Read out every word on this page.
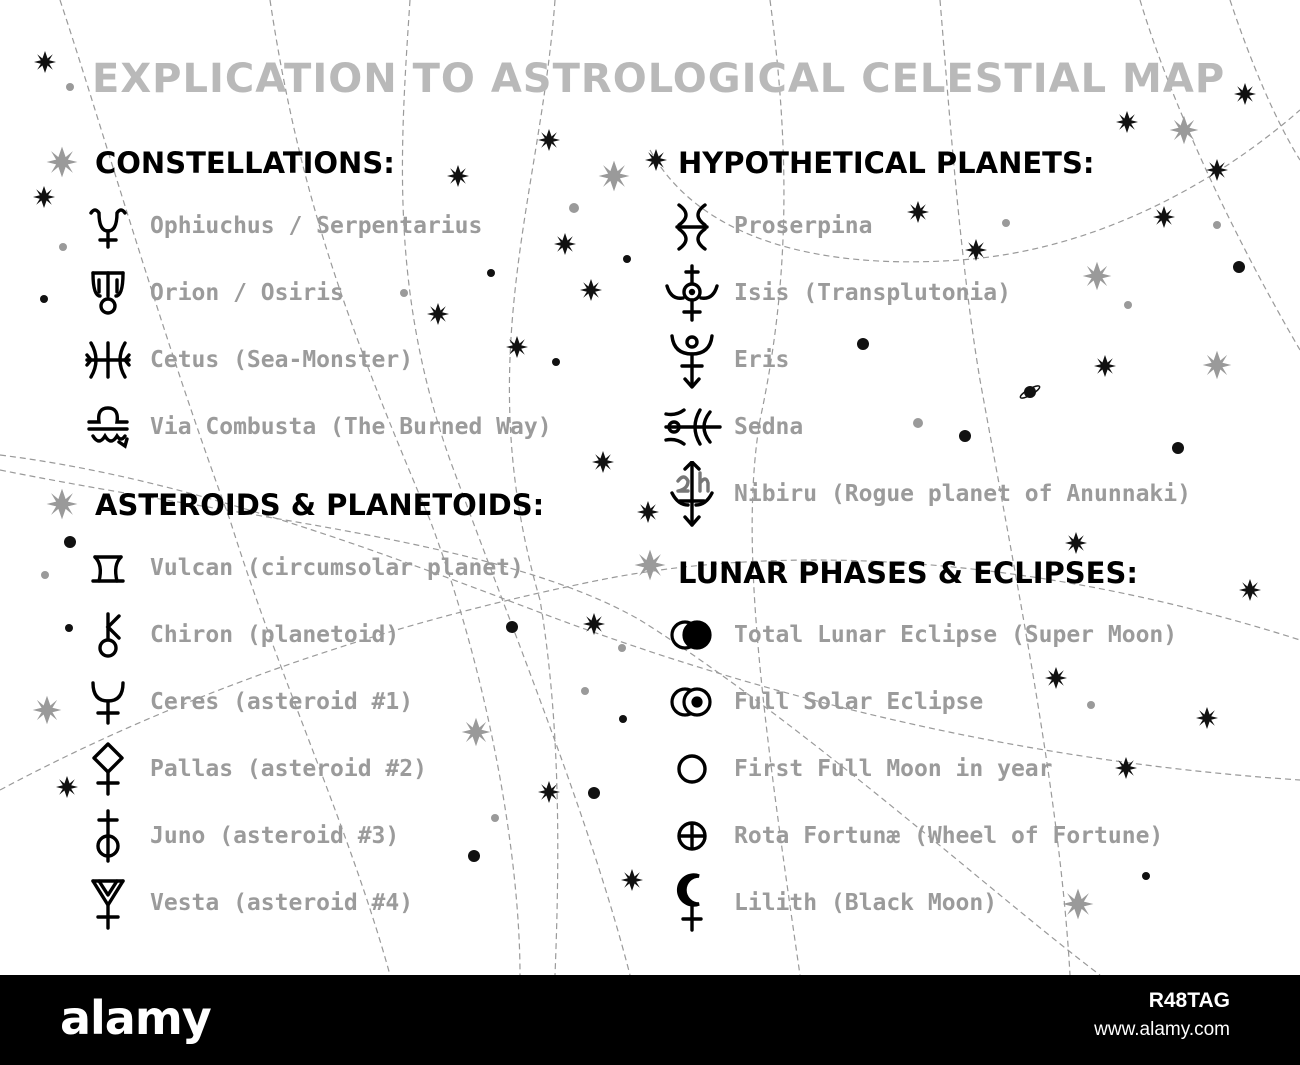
EXPLICATION TO ASTROLOGICAL CELESTIAL MAP
CONSTELLATIONS:
Ophiuchus / Serpentarius
Orion / Osiris
Cetus (Sea-Monster)
Via Combusta (The Burned Way)
ASTEROIDS & PLANETOIDS:
Vulcan (circumsolar planet)
Chiron (planetoid)
Ceres (asteroid #1)
Pallas (asteroid #2)
Juno (asteroid #3)
Vesta (asteroid #4)
HYPOTHETICAL PLANETS:
Proserpina
Isis (Transplutonia)
Eris
Sedna
Nibiru (Rogue planet of Anunnaki)
LUNAR PHASES & ECLIPSES:
Total Lunar Eclipse (Super Moon)
Full Solar Eclipse
First Full Moon in year
Rota Fortunæ (Wheel of Fortune)
Lilith (Black Moon)
alamy	R48TAG
www.alamy.com
